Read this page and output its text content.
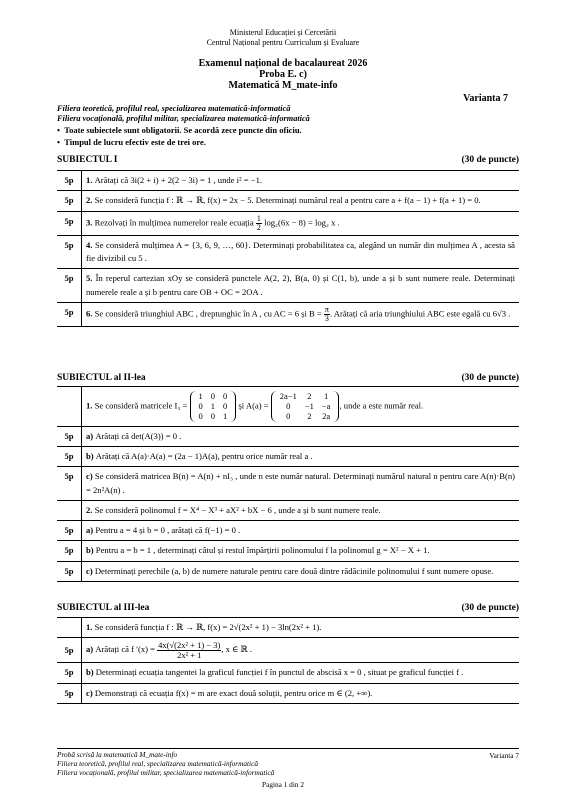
Ministerul Educației și Cercetării
Centrul Național pentru Curriculum și Evaluare
Examenul național de bacalaureat 2026
Proba E. c)
Matematică M_mate-info
Varianta 7
Filiera teoretică, profilul real, specializarea matematică-informatică
Filiera vocațională, profilul militar, specializarea matematică-informatică
•  Toate subiectele sunt obligatorii. Se acordă zece puncte din oficiu.
•  Timpul de lucru efectiv este de trei ore.
SUBIECTUL I	(30 de puncte)
5p	1. Arătați că 3i(2 + i) + 2(2 − 3i) = 1 , unde i² = −1.
5p	2. Se consideră funcția f : ℝ → ℝ, f(x) = 2x − 5. Determinați numărul real a pentru care a + f(a − 1) + f(a + 1) = 0.
5p	3. Rezolvați în mulțimea numerelor reale ecuația $\frac{1}{2} \log_2(6x - 8) = \log_2$ x .
5p	4. Se consideră mulțimea A = {3, 6, 9, …, 60}. Determinați probabilitatea ca, alegând un număr din mulțimea A , acesta să fie divizibil cu 5 .
5p	5. În reperul cartezian xOy se consideră punctele A(2, 2), B(a, 0) și C(1, b), unde a și b sunt numere reale. Determinați numerele reale a și b pentru care OB + OC = 2OA .
5p	6. Se consideră triunghiul ABC , dreptunghic în A , cu AC = 6 și $B = \frac{\pi}{3}$ . Arătați că aria triunghiului ABC este egală cu 6√3 .
SUBIECTUL al II-lea	(30 de puncte)
	1. Se consideră matricele I₃ =
1	0	0
0	1	0
0	0	1
și A(a) =
2a−1	2	1
0	−1	−a
0	2	2a
, unde a este număr real.
5p	a) Arătați că det(A(3)) = 0 .
5p	b) Arătați că A(a)·A(a) = (2a − 1)A(a), pentru orice număr real a .
5p	c) Se consideră matricea B(n) = A(n) + nI₃ , unde n este număr natural. Determinați numărul natural n pentru care A(n)·B(n) = 2n²A(n) .
	2. Se consideră polinomul f = X⁴ − X³ + aX² + bX − 6 , unde a și b sunt numere reale.
5p	a) Pentru a = 4 și b = 0 , arătați că f(−1) = 0 .
5p	b) Pentru a = b = 1 , determinați câtul și restul împărțirii polinomului f la polinomul g = X² − X + 1.
5p	c) Determinați perechile (a, b) de numere naturale pentru care două dintre rădăcinile polinomului f sunt numere opuse.
SUBIECTUL al III-lea	(30 de puncte)
	1. Se consideră funcția f : ℝ → ℝ, f(x) = 2√(2x² + 1) − 3ln(2x² + 1).
5p	a) Arătați că f $'(x) = \frac{\text{4x(√(2x² + 1) − 3)}}{\text{2x² + 1}}$ , x ∈ ℝ .
5p	b) Determinați ecuația tangentei la graficul funcției f în punctul de abscisă x = 0 , situat pe graficul funcției f .
5p	c) Demonstrați că ecuația f(x) = m are exact două soluții, pentru orice m ∈ (2, +∞).
Probă scrisă la matematică M_mate-info
Filiera teoretică, profilul real, specializarea matematică-informatică
Filiera vocațională, profilul militar, specializarea matematică-informatică
Varianta 7
Pagina 1 din 2
